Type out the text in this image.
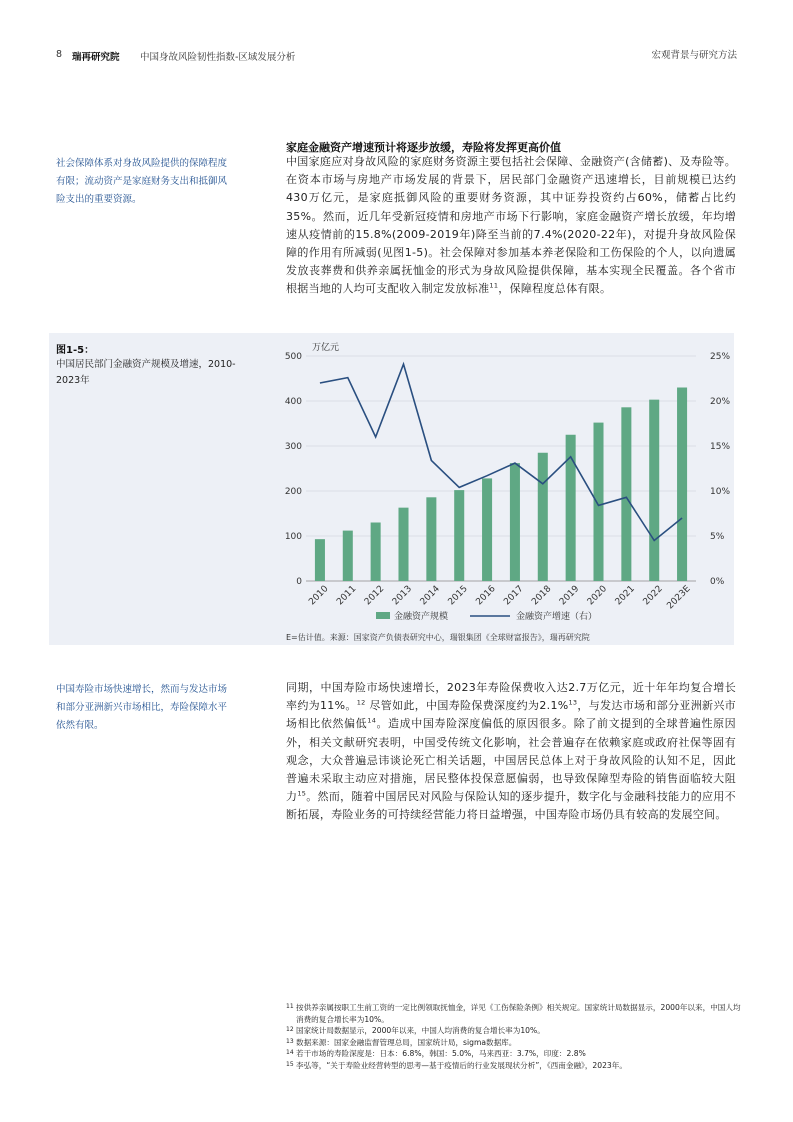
8 瑞再研究院 中国身故风险韧性指数-区域发展分析	宏观背景与研究方法
社会保障体系对身故风险提供的保障程度有限；流动资产是家庭财务支出和抵御风险支出的重要资源。
家庭金融资产增速预计将逐步放缓，寿险将发挥更高价值
中国家庭应对身故风险的家庭财务资源主要包括社会保障、金融资产(含储蓄)、及寿险等。在资本市场与房地产市场发展的背景下，居民部门金融资产迅速增长，目前规模已达约430万亿元，是家庭抵御风险的重要财务资源，其中证券投资约占60%，储蓄占比约35%。然而，近几年受新冠疫情和房地产市场下行影响，家庭金融资产增长放缓，年均增速从疫情前的15.8%(2009-2019年)降至当前的7.4%(2020-22年)，对提升身故风险保障的作用有所减弱(见图1-5)。社会保障对参加基本养老保险和工伤保险的个人，以向遗属发放丧葬费和供养亲属抚恤金的形式为身故风险提供保障，基本实现全民覆盖。各个省市根据当地的人均可支配收入制定发放标准$^{11}$，保障程度总体有限。
图1-5：
中国居民部门金融资产规模及增速，2010-2023年
0
100
200
300
400
500
0%
5%
10%
15%
20%
25%
万亿元
2010 2011 2012 2013 2014 2015 2016 2017 2018 2019 2020 2021 2022 2023E
金融资产规模	金融资产增速（右）
E=估计值。来源：国家资产负债表研究中心，瑞银集团《全球财富报告》，瑞再研究院
中国寿险市场快速增长，然而与发达市场和部分亚洲新兴市场相比，寿险保障水平依然有限。
同期，中国寿险市场快速增长，2023年寿险保费收入达2.7万亿元，近十年年均复合增长率约为11%。$^{12}$ 尽管如此，中国寿险保费深度约为2.1%$^{13}$，与发达市场和部分亚洲新兴市场相比依然偏低$^{14}$。造成中国寿险深度偏低的原因很多。除了前文提到的全球普遍性原因外，相关文献研究表明，中国受传统文化影响，社会普遍存在依赖家庭或政府社保等固有观念，大众普遍忌讳谈论死亡相关话题，中国居民总体上对于身故风险的认知不足，因此普遍未采取主动应对措施，居民整体投保意愿偏弱，也导致保障型寿险的销售面临较大阻力$^{15}$。然而，随着中国居民对风险与保险认知的逐步提升，数字化与金融科技能力的应用不断拓展，寿险业务的可持续经营能力将日益增强，中国寿险市场仍具有较高的发展空间。
11 按供养亲属按职工生前工资的一定比例领取抚恤金，详见《工伤保险条例》相关规定。国家统计局数据显示，2000年以来，中国人均消费的复合增长率为10%。
12 国家统计局数据显示，2000年以来，中国人均消费的复合增长率为10%。
13 数据来源：国家金融监督管理总局，国家统计局，sigma数据库。
14 若干市场的寿险深度是：日本：6.8%，韩国：5.0%，马来西亚：3.7%，印度：2.8%
15 李弘等，“关于寿险业经营转型的思考—基于疫情后的行业发展现状分析”，《西南金融》，2023年。
